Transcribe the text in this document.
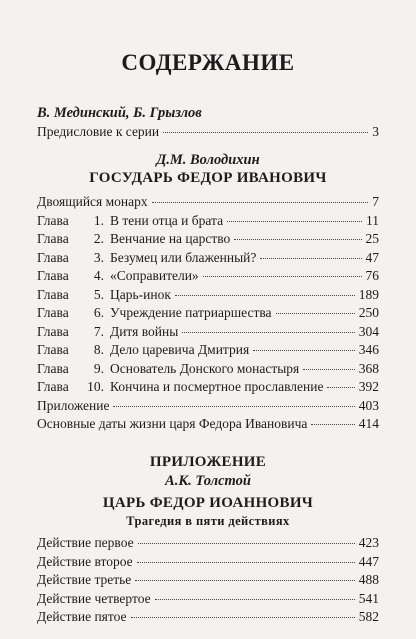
СОДЕРЖАНИЕ
В. Мединский, Б. Грызлов
Предисловие к серии	3
Д.М. Володихин
ГОСУДАРЬ ФЕДОР ИВАНОВИЧ
Двоящийся монарх	7
Глава	1. В тени отца и брата	11
Глава	2. Венчание на царство	25
Глава	3. Безумец или блаженный?	47
Глава	4. «Соправители»	76
Глава	5. Царь-инок	189
Глава	6. Учреждение патриаршества	250
Глава	7. Дитя войны	304
Глава	8. Дело царевича Дмитрия	346
Глава	9. Основатель Донского монастыря	368
Глава	10. Кончина и посмертное прославление	392
Приложение	403
Основные даты жизни царя Федора Ивановича	414
ПРИЛОЖЕНИЕ
А.К. Толстой
ЦАРЬ ФЕДОР ИОАННОВИЧ
Трагедия в пяти действиях
Действие первое	423
Действие второе	447
Действие третье	488
Действие четвертое	541
Действие пятое	582
